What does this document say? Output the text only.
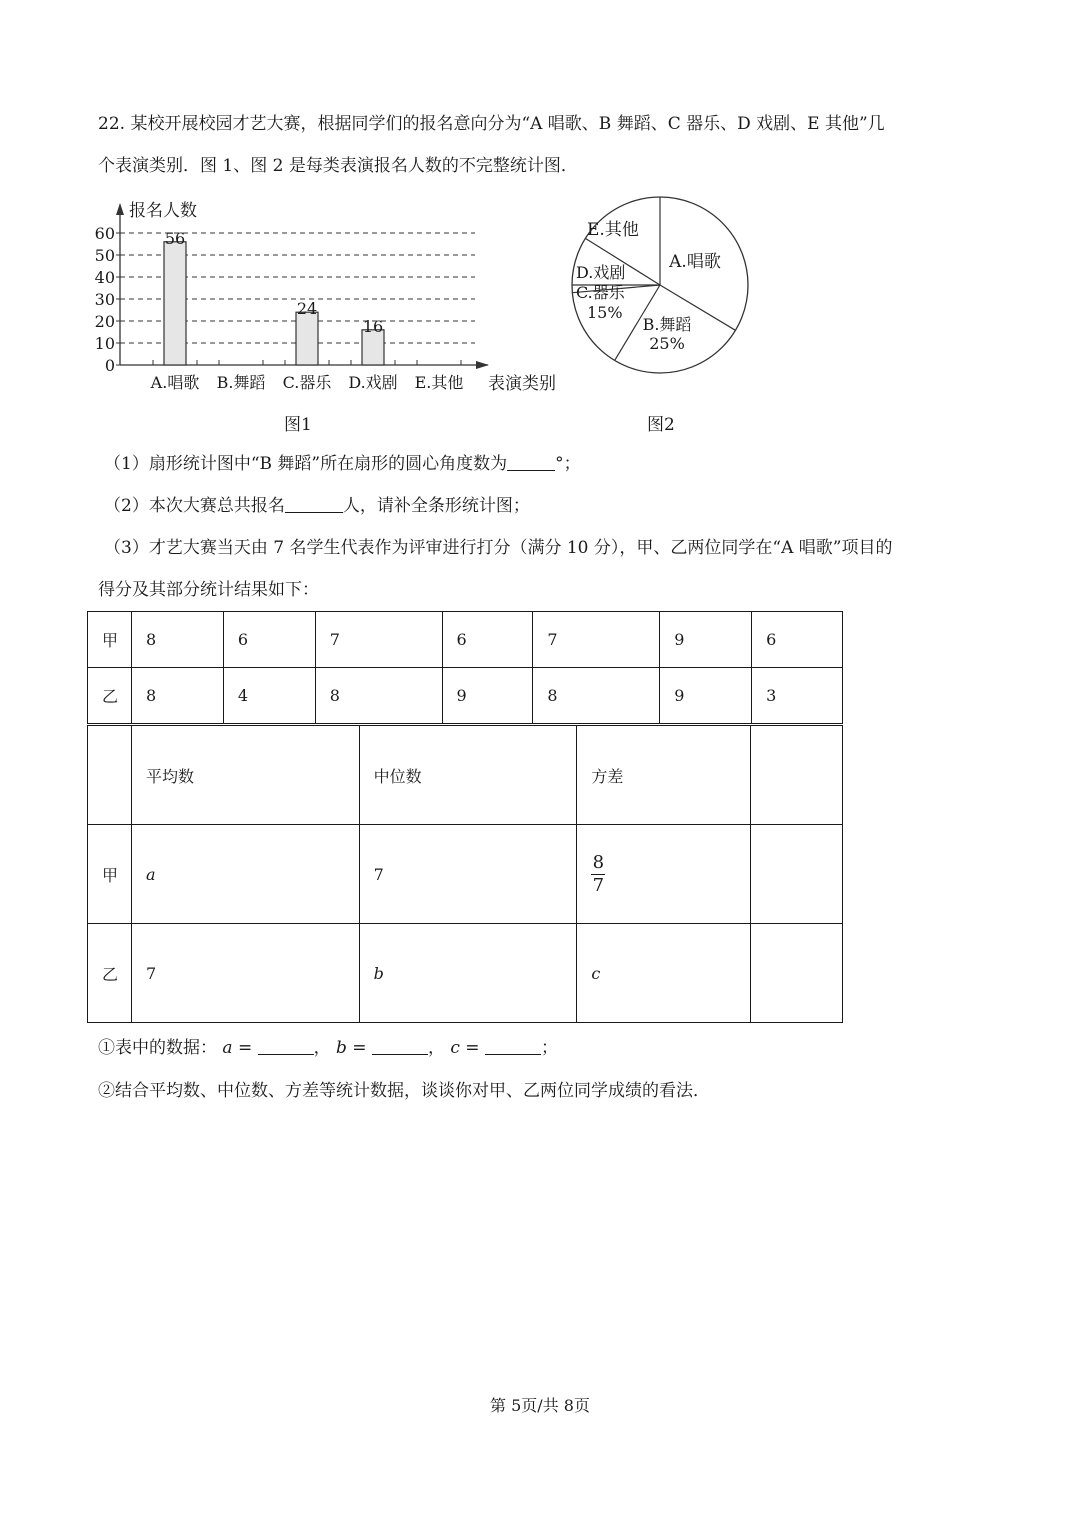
22. 某校开展校园才艺大赛，根据同学们的报名意向分为“A 唱歌、B 舞蹈、C 器乐、D 戏剧、E 其他”几
个表演类别．图 1、图 2 是每类表演报名人数的不完整统计图．
0
10
20
30
40
50
60
报名人数
表演类别
A.唱歌
56
B.舞蹈 C.器乐
24
D.戏剧
16
E.其他
图1
A.唱歌
B.舞蹈
25%
C.器乐
15%
D.戏剧
E.其他
图2
（1）扇形统计图中“B 舞蹈”所在扇形的圆心角度数为	°；
（2）本次大赛总共报名	人，请补全条形统计图；
（3）才艺大赛当天由 7 名学生代表作为评审进行打分（满分 10 分），甲、乙两位同学在“A 唱歌”项目的
得分及其部分统计结果如下：
甲	8	6	7	6	7	9	6
乙	8	4	8	9	8	9	3
	平均数	中位数	方差	
甲	a	7	$\frac{8}{7}$

乙	7	b	c	
①表中的数据： a =	， b =	， c =	；
②结合平均数、中位数、方差等统计数据，谈谈你对甲、乙两位同学成绩的看法．
第 5页/共 8页
